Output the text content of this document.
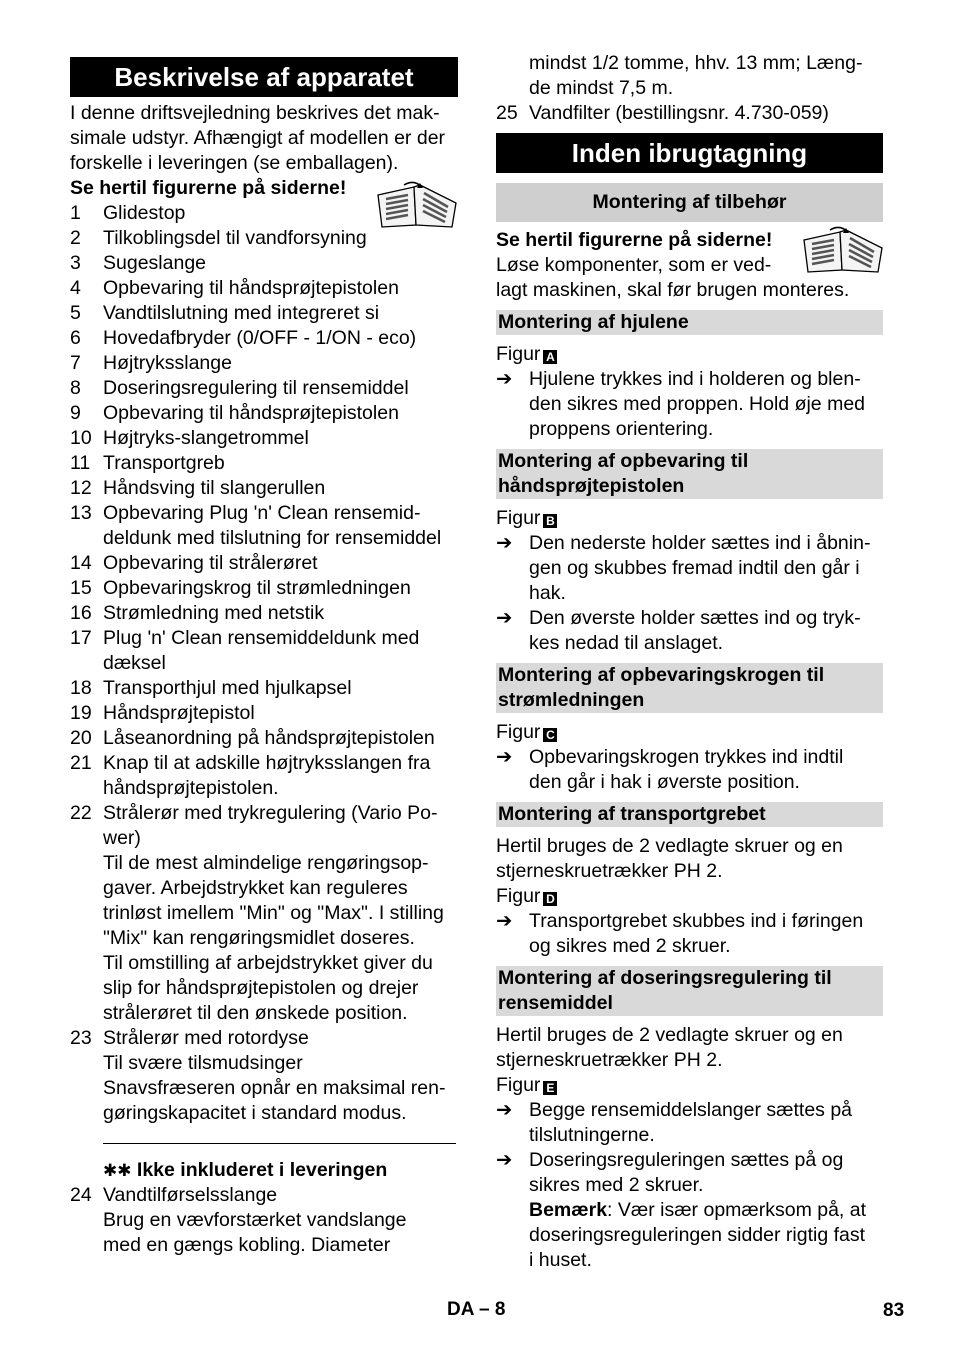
Beskrivelse af apparatet
I denne driftsvejledning beskrives det mak-
simale udstyr. Afhængigt af modellen er der
forskelle i leveringen (se emballagen).
Se hertil figurerne på siderne!
1 Glidestop
2 Tilkoblingsdel til vandforsyning
3 Sugeslange
4 Opbevaring til håndsprøjtepistolen
5 Vandtilslutning med integreret si
6 Hovedafbryder (0/OFF - 1/ON - eco)
7 Højtryksslange
8 Doseringsregulering til rensemiddel
9 Opbevaring til håndsprøjtepistolen
10 Højtryks-slangetrommel
11 Transportgreb
12 Håndsving til slangerullen
13 Opbevaring Plug 'n' Clean rensemid-
deldunk med tilslutning for rensemiddel
14 Opbevaring til strålerøret
15 Opbevaringskrog til strømledningen
16 Strømledning med netstik
17 Plug 'n' Clean rensemiddeldunk med
dæksel
18 Transporthjul med hjulkapsel
19 Håndsprøjtepistol
20 Låseanordning på håndsprøjtepistolen
21 Knap til at adskille højtryksslangen fra
håndsprøjtepistolen.
22 Strålerør med trykregulering (Vario Po-
wer)
Til de mest almindelige rengøringsop-
gaver. Arbejdstrykket kan reguleres
trinløst imellem "Min" og "Max". I stilling
"Mix" kan rengøringsmidlet doseres.
Til omstilling af arbejdstrykket giver du
slip for håndsprøjtepistolen og drejer
strålerøret til den ønskede position.
23 Strålerør med rotordyse
Til svære tilsmudsinger
Snavsfræseren opnår en maksimal ren-
gøringskapacitet i standard modus.
✱✱ Ikke inkluderet i leveringen
24 Vandtilførselsslange
Brug en vævforstærket vandslange
med en gængs kobling. Diameter
mindst 1/2 tomme, hhv. 13 mm; Læng-
de mindst 7,5 m.
25 Vandfilter (bestillingsnr. 4.730-059)
Inden ibrugtagning
Montering af tilbehør
Se hertil figurerne på siderne!
Løse komponenter, som er ved-
lagt maskinen, skal før brugen monteres.
Montering af hjulene
Figur A
➔ Hjulene trykkes ind i holderen og blen-
den sikres med proppen. Hold øje med
proppens orientering.
Montering af opbevaring til
håndsprøjtepistolen
Figur B
➔ Den nederste holder sættes ind i åbnin-
gen og skubbes fremad indtil den går i
hak.
➔ Den øverste holder sættes ind og tryk-
kes nedad til anslaget.
Montering af opbevaringskrogen til
strømledningen
Figur C
➔ Opbevaringskrogen trykkes ind indtil
den går i hak i øverste position.
Montering af transportgrebet
Hertil bruges de 2 vedlagte skruer og en
stjerneskruetrækker PH 2.
Figur D
➔ Transportgrebet skubbes ind i føringen
og sikres med 2 skruer.
Montering af doseringsregulering til
rensemiddel
Hertil bruges de 2 vedlagte skruer og en
stjerneskruetrækker PH 2.
Figur E
➔ Begge rensemiddelslanger sættes på
tilslutningerne.
➔ Doseringsreguleringen sættes på og
sikres med 2 skruer.
Bemærk: Vær især opmærksom på, at
doseringsreguleringen sidder rigtig fast
i huset.
DA – 8	83
